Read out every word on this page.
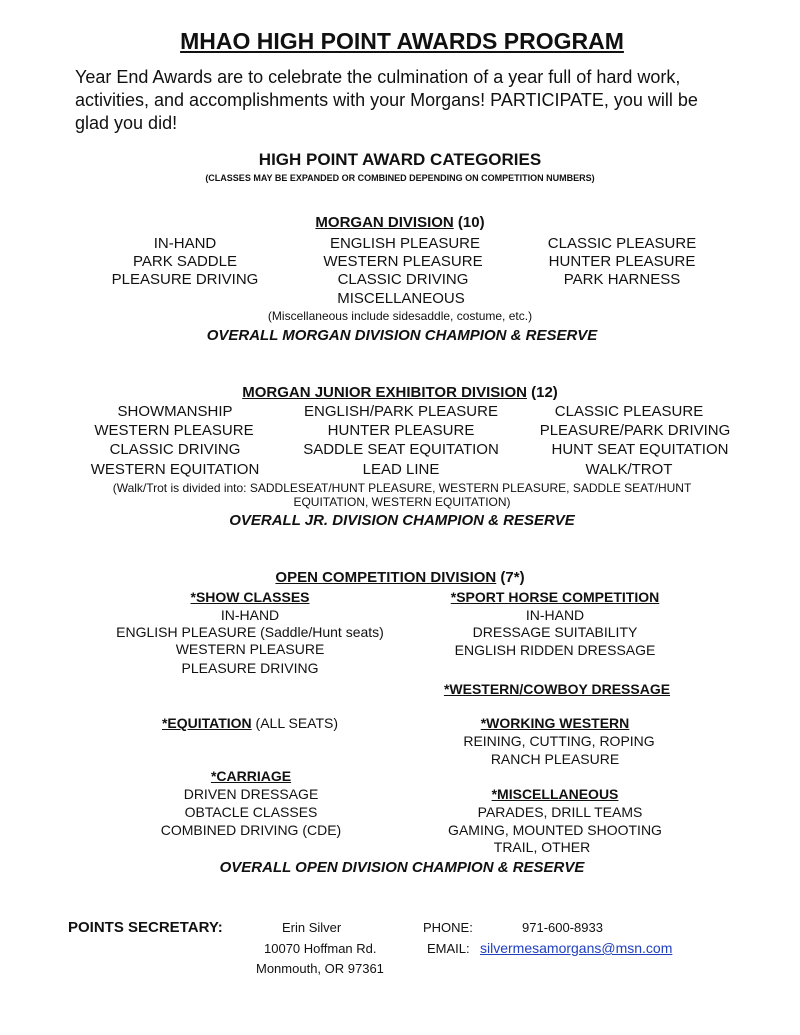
MHAO HIGH POINT AWARDS PROGRAM
Year End Awards are to celebrate the culmination of a year full of hard work, activities, and accomplishments with your Morgans! PARTICIPATE, you will be glad you did!
HIGH POINT AWARD CATEGORIES
(CLASSES MAY BE EXPANDED OR COMBINED DEPENDING ON COMPETITION NUMBERS)
MORGAN DIVISION (10)
IN-HAND	ENGLISH PLEASURE	CLASSIC PLEASURE
PARK SADDLE	WESTERN PLEASURE	HUNTER PLEASURE
PLEASURE DRIVING	CLASSIC DRIVING	PARK HARNESS
MISCELLANEOUS
(Miscellaneous include sidesaddle, costume, etc.)
OVERALL MORGAN DIVISION CHAMPION & RESERVE
MORGAN JUNIOR EXHIBITOR DIVISION (12)
SHOWMANSHIP	ENGLISH/PARK PLEASURE	CLASSIC PLEASURE
WESTERN PLEASURE	HUNTER PLEASURE	PLEASURE/PARK DRIVING
CLASSIC DRIVING	SADDLE SEAT EQUITATION	HUNT SEAT EQUITATION
WESTERN EQUITATION	LEAD LINE	WALK/TROT
(Walk/Trot is divided into: SADDLESEAT/HUNT PLEASURE, WESTERN PLEASURE, SADDLE SEAT/HUNT EQUITATION, WESTERN EQUITATION)
OVERALL JR. DIVISION CHAMPION & RESERVE
OPEN COMPETITION DIVISION (7*)
*SHOW CLASSES
IN-HAND
ENGLISH PLEASURE (Saddle/Hunt seats)
WESTERN PLEASURE
PLEASURE DRIVING
*SPORT HORSE COMPETITION
IN-HAND
DRESSAGE SUITABILITY
ENGLISH RIDDEN DRESSAGE
*WESTERN/COWBOY DRESSAGE
*EQUITATION (ALL SEATS)	*WORKING WESTERN
REINING, CUTTING, ROPING
RANCH PLEASURE
*CARRIAGE
DRIVEN DRESSAGE
OBTACLE CLASSES
COMBINED DRIVING (CDE)
*MISCELLANEOUS
PARADES, DRILL TEAMS
GAMING, MOUNTED SHOOTING
TRAIL, OTHER
OVERALL OPEN DIVISION CHAMPION & RESERVE
POINTS SECRETARY:	Erin Silver	PHONE:	971-600-8933
10070 Hoffman Rd.	EMAIL: silvermesamorgans@msn.com
Monmouth, OR 97361
